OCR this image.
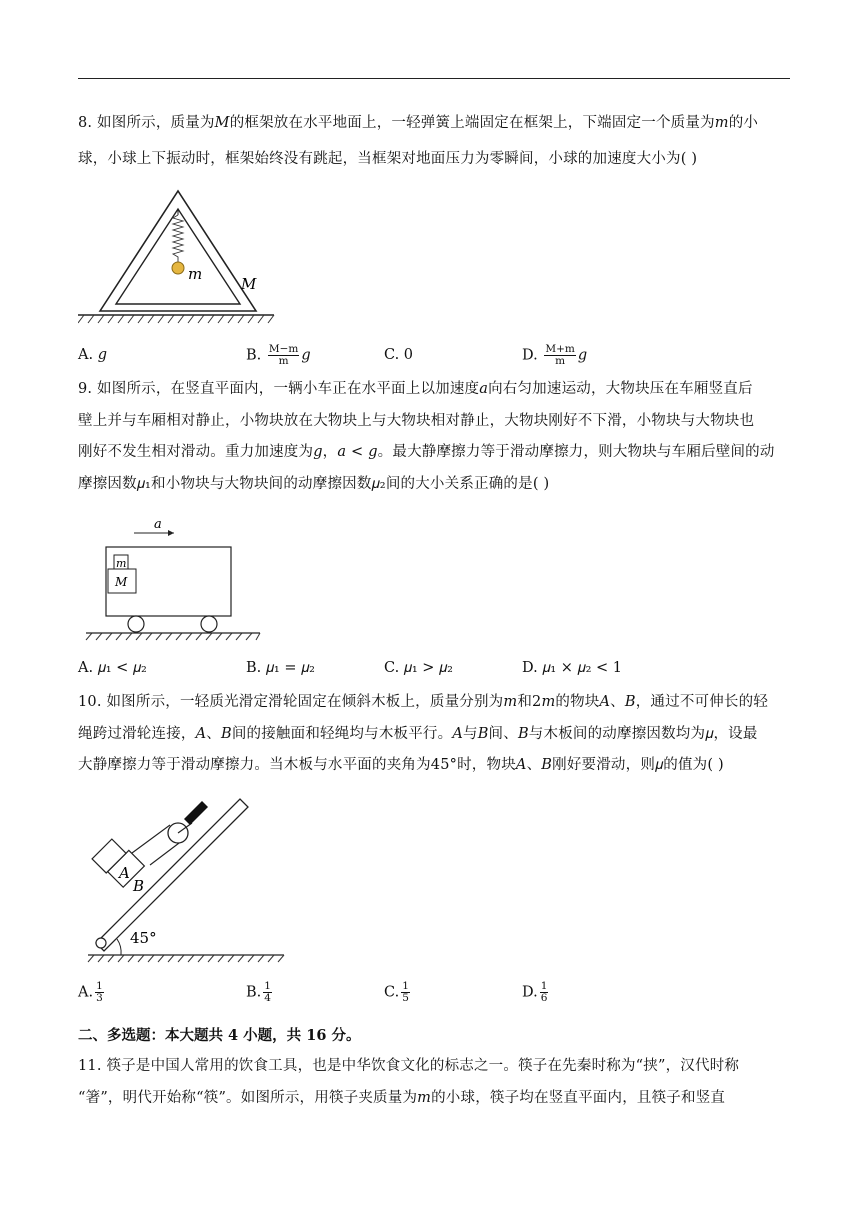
8. 如图所示，质量为𝑀的框架放在水平地面上，一轻弹簧上端固定在框架上，下端固定一个质量为𝑚的小
球，小球上下振动时，框架始终没有跳起，当框架对地面压力为零瞬间，小球的加速度大小为( )
m
M
A. 𝑔	B. $\frac{M-m}{m}$ 𝑔	C. 0	D. $\frac{M+m}{m}$ 𝑔
9. 如图所示，在竖直平面内，一辆小车正在水平面上以加速度𝑎向右匀加速运动，大物块压在车厢竖直后
壁上并与车厢相对静止，小物块放在大物块上与大物块相对静止，大物块刚好不下滑，小物块与大物块也
刚好不发生相对滑动。重力加速度为𝑔，𝑎 < 𝑔。最大静摩擦力等于滑动摩擦力，则大物块与车厢后壁间的动
摩擦因数𝜇₁和小物块与大物块间的动摩擦因数𝜇₂间的大小关系正确的是( )
a
m
M
A. 𝜇₁ < 𝜇₂	B. 𝜇₁ = 𝜇₂	C. 𝜇₁ > 𝜇₂	D. 𝜇₁ × 𝜇₂ < 1
10. 如图所示，一轻质光滑定滑轮固定在倾斜木板上，质量分别为𝑚和2𝑚的物块𝐴、𝐵，通过不可伸长的轻
绳跨过滑轮连接，𝐴、𝐵间的接触面和轻绳均与木板平行。𝐴与𝐵间、𝐵与木板间的动摩擦因数均为𝜇，设最
大静摩擦力等于滑动摩擦力。当木板与水平面的夹角为45°时，物块𝐴、𝐵刚好要滑动，则𝜇的值为( )
45°
A
B
A. $\frac{1}{3}$	B. $\frac{1}{4}$	C. $\frac{1}{5}$	D. $\frac{1}{6}$
二、多选题：本大题共 4 小题，共 16 分。
11. 筷子是中国人常用的饮食工具，也是中华饮食文化的标志之一。筷子在先秦时称为“挟”，汉代时称
“箸”，明代开始称“筷”。如图所示，用筷子夹质量为𝑚的小球，筷子均在竖直平面内，且筷子和竖直
